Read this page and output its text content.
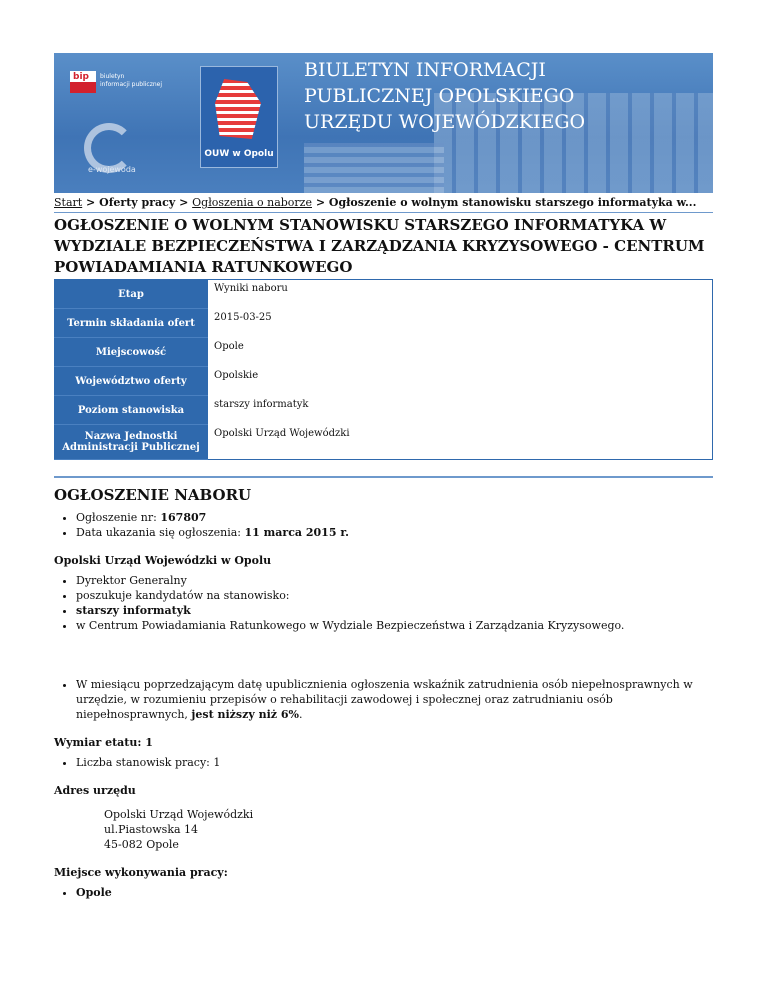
bip biuletyn
informacji publicznej
OUW w Opolu
e-wojewoda
BIULETYN INFORMACJI
PUBLICZNEJ OPOLSKIEGO
URZĘDU WOJEWÓDZKIEGO
Start > Oferty pracy > Ogłoszenia o naborze > Ogłoszenie o wolnym stanowisku starszego informatyka w...
OGŁOSZENIE O WOLNYM STANOWISKU STARSZEGO INFORMATYKA W WYDZIALE BEZPIECZEŃSTWA I ZARZĄDZANIA KRYZYSOWEGO - CENTRUM POWIADAMIANIA RATUNKOWEGO
Etap	Wyniki naboru
Termin składania ofert	2015-03-25
Miejscowość	Opole
Województwo oferty	Opolskie
Poziom stanowiska	starszy informatyk
Nazwa Jednostki Administracji Publicznej	Opolski Urząd Wojewódzki
OGŁOSZENIE NABORU
• Ogłoszenie nr: 167807
• Data ukazania się ogłoszenia: 11 marca 2015 r.
Opolski Urząd Wojewódzki w Opolu
• Dyrektor Generalny
• poszukuje kandydatów na stanowisko:
• starszy informatyk
• w Centrum Powiadamiania Ratunkowego w Wydziale Bezpieczeństwa i Zarządzania Kryzysowego.
• W miesiącu poprzedzającym datę upublicznienia ogłoszenia wskaźnik zatrudnienia osób niepełnosprawnych w urzędzie, w rozumieniu przepisów o rehabilitacji zawodowej i społecznej oraz zatrudnianiu osób niepełnosprawnych, jest niższy niż 6%.
Wymiar etatu: 1
• Liczba stanowisk pracy: 1
Adres urzędu
Opolski Urząd Wojewódzki
ul.Piastowska 14
45-082 Opole
Miejsce wykonywania pracy:
• Opole
